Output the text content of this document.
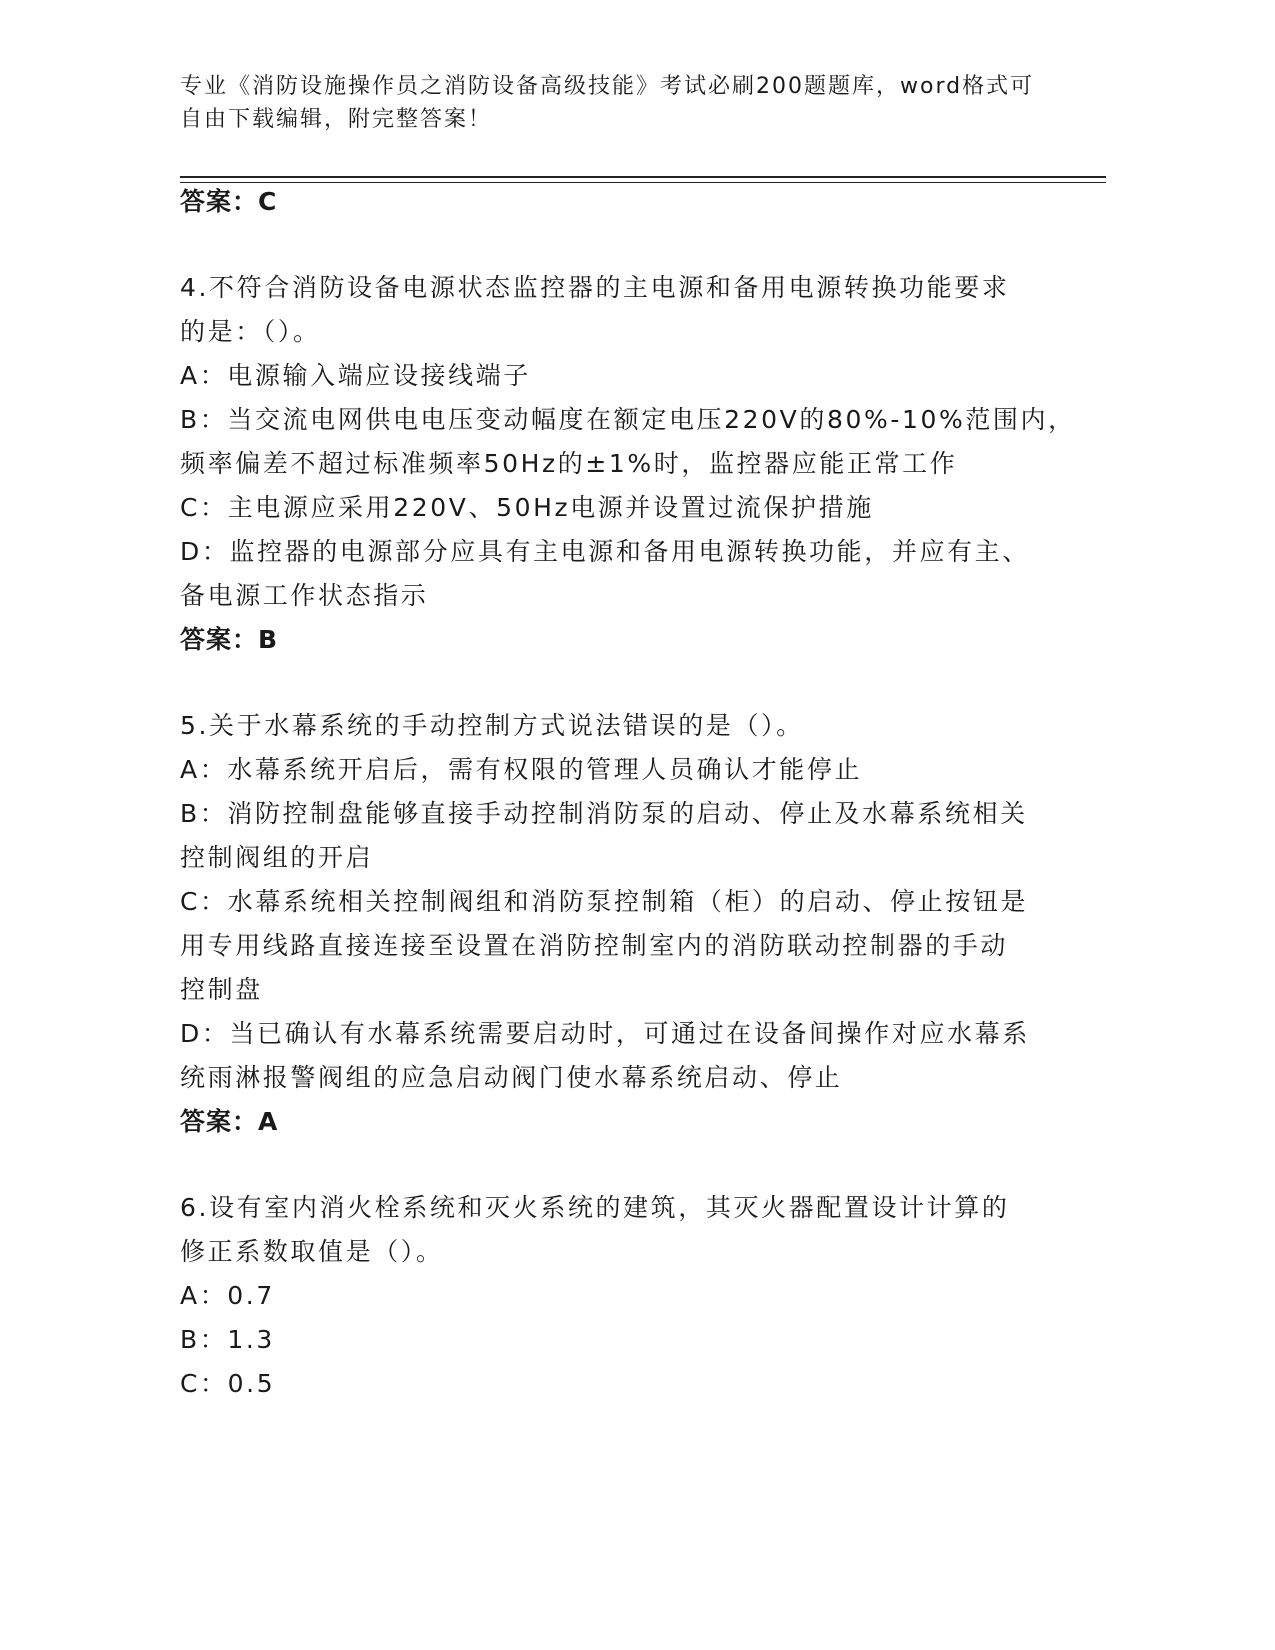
专业《消防设施操作员之消防设备高级技能》考试必刷200题题库，word格式可
自由下载编辑，附完整答案！
答案：C
4.不符合消防设备电源状态监控器的主电源和备用电源转换功能要求
的是：（）。
A：电源输入端应设接线端子
B：当交流电网供电电压变动幅度在额定电压220V的80%-10%范围内，
频率偏差不超过标准频率50Hz的±1%时，监控器应能正常工作
C：主电源应采用220V、50Hz电源并设置过流保护措施
D：监控器的电源部分应具有主电源和备用电源转换功能，并应有主、
备电源工作状态指示
答案：B
5.关于水幕系统的手动控制方式说法错误的是（）。
A：水幕系统开启后，需有权限的管理人员确认才能停止
B：消防控制盘能够直接手动控制消防泵的启动、停止及水幕系统相关
控制阀组的开启
C：水幕系统相关控制阀组和消防泵控制箱（柜）的启动、停止按钮是
用专用线路直接连接至设置在消防控制室内的消防联动控制器的手动
控制盘
D：当已确认有水幕系统需要启动时，可通过在设备间操作对应水幕系
统雨淋报警阀组的应急启动阀门使水幕系统启动、停止
答案：A
6.设有室内消火栓系统和灭火系统的建筑，其灭火器配置设计计算的
修正系数取值是（）。
A：0.7
B：1.3
C：0.5
